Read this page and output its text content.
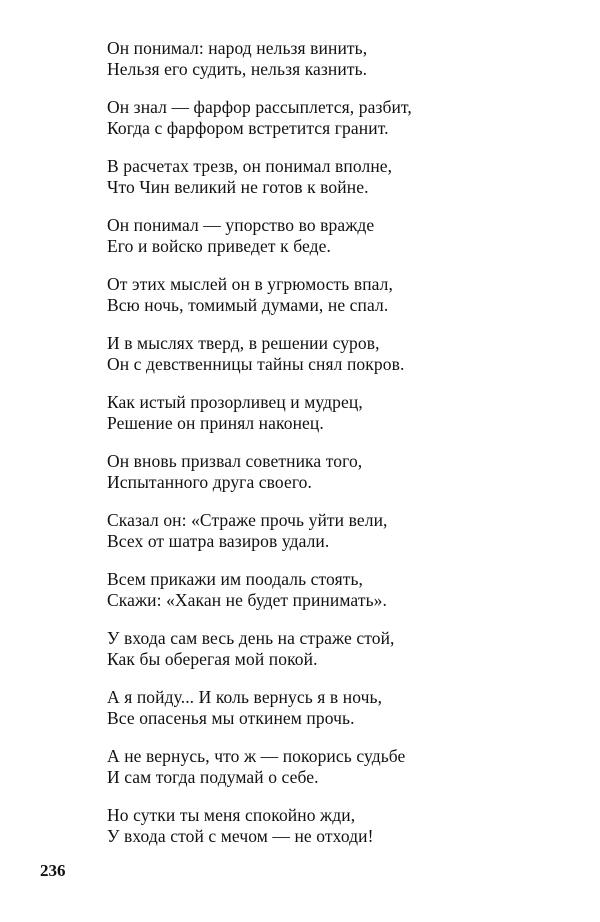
Он понимал: народ нельзя винить,
Нельзя его судить, нельзя казнить.
Он знал — фарфор рассыплется, разбит,
Когда с фарфором встретится гранит.
В расчетах трезв, он понимал вполне,
Что Чин великий не готов к войне.
Он понимал — упорство во вражде
Его и войско приведет к беде.
От этих мыслей он в угрюмость впал,
Всю ночь, томимый думами, не спал.
И в мыслях тверд, в решении суров,
Он с девственницы тайны снял покров.
Как истый прозорливец и мудрец,
Решение он принял наконец.
Он вновь призвал советника того,
Испытанного друга своего.
Сказал он: «Страже прочь уйти вели,
Всех от шатра вазиров удали.
Всем прикажи им поодаль стоять,
Скажи: «Хакан не будет принимать».
У входа сам весь день на страже стой,
Как бы оберегая мой покой.
А я пойду... И коль вернусь я в ночь,
Все опасенья мы откинем прочь.
А не вернусь, что ж — покорись судьбе
И сам тогда подумай о себе.
Но сутки ты меня спокойно жди,
У входа стой с мечом — не отходи!
236
